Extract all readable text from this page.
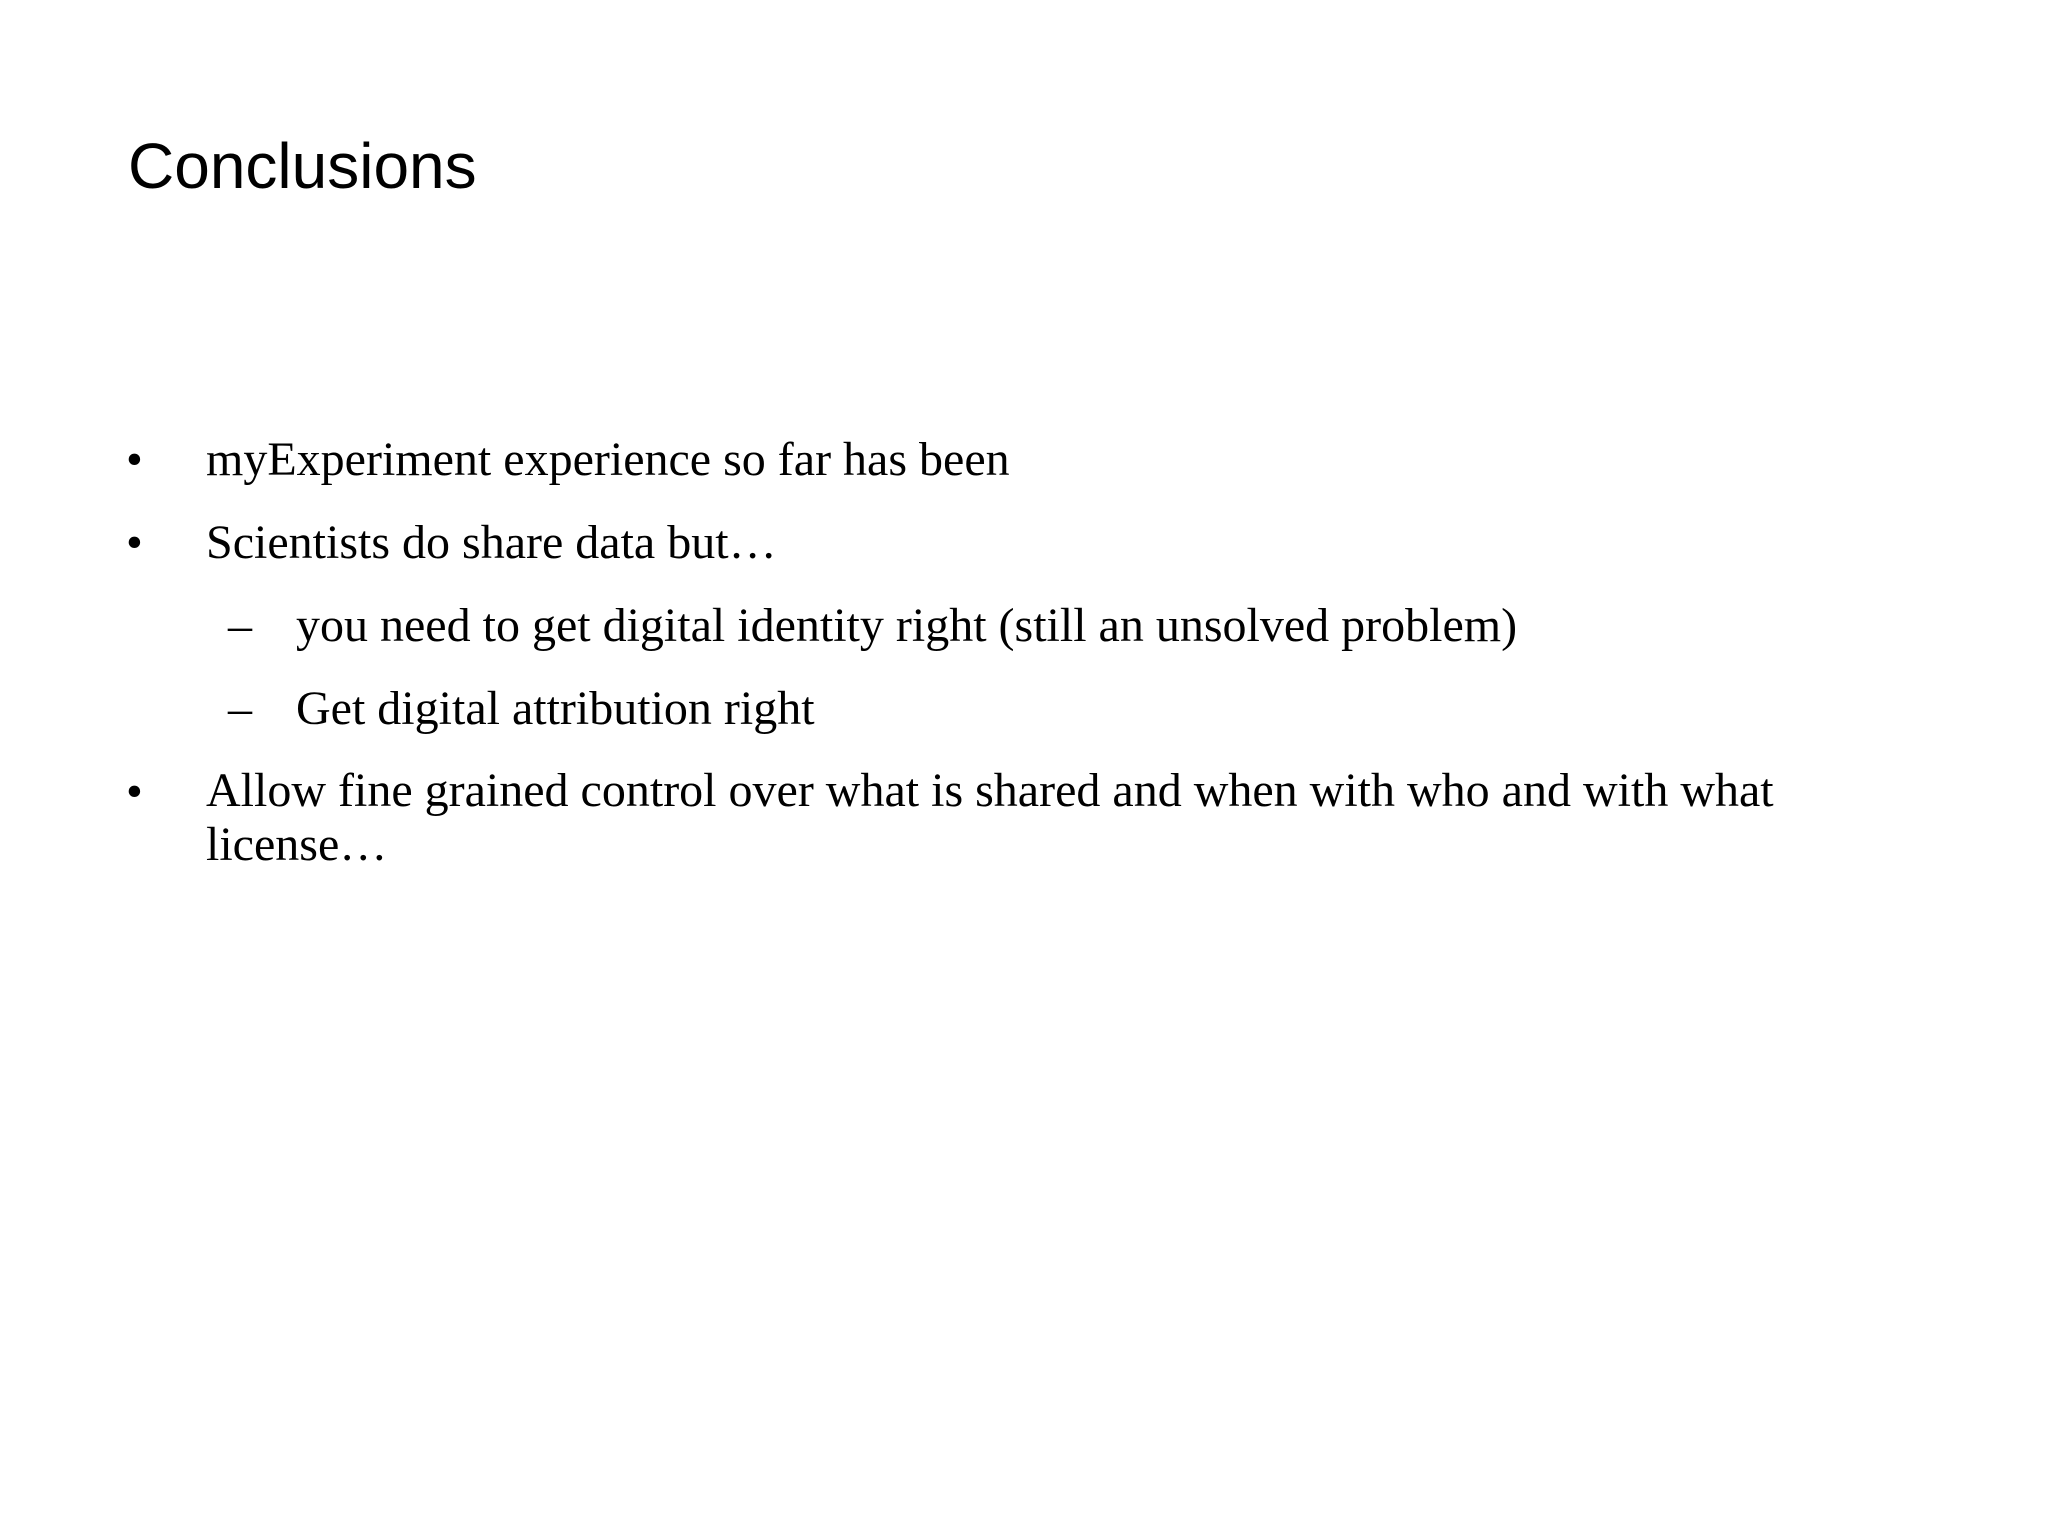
Conclusions
• myExperiment experience so far has been
• Scientists do share data but…
– you need to get digital identity right (still an unsolved problem)
– Get digital attribution right
• Allow fine grained control over what is shared and when with who and with what license…
